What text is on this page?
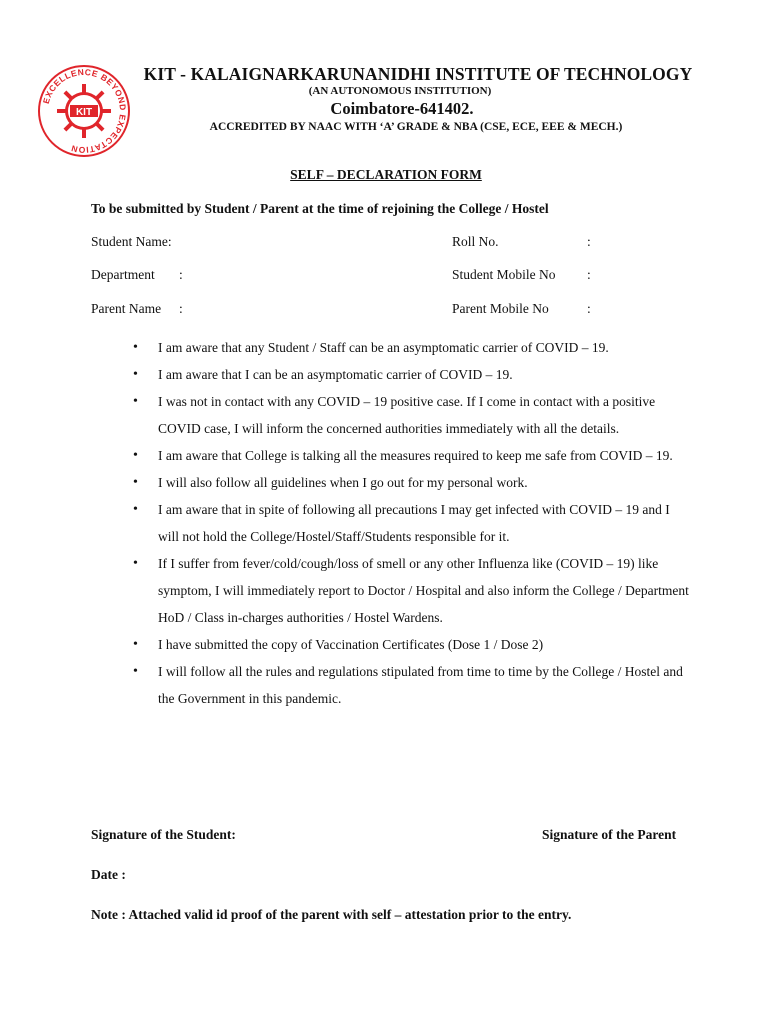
EXCELLENCE BEYOND EXPECTATION
KIT
KIT - KALAIGNARKARUNANIDHI INSTITUTE OF TECHNOLOGY
(AN AUTONOMOUS INSTITUTION)
Coimbatore-641402.
ACCREDITED BY NAAC WITH ‘A’ GRADE & NBA (CSE, ECE, EEE & MECH.)
SELF – DECLARATION FORM
To be submitted by Student / Parent at the time of rejoining the College / Hostel
Student Name:	Roll No.	:
Department :	Student Mobile No :
Parent Name :	Parent Mobile No	:
• I am aware that any Student / Staff can be an asymptomatic carrier of COVID – 19.
• I am aware that I can be an asymptomatic carrier of COVID – 19.
• I was not in contact with any COVID – 19 positive case. If I come in contact with a positive COVID case, I will inform the concerned authorities immediately with all the details.
• I am aware that College is talking all the measures required to keep me safe from COVID – 19.
• I will also follow all guidelines when I go out for my personal work.
• I am aware that in spite of following all precautions I may get infected with COVID – 19 and I will not hold the College/Hostel/Staff/Students responsible for it.
• If I suffer from fever/cold/cough/loss of smell or any other Influenza like (COVID – 19) like symptom, I will immediately report to Doctor / Hospital and also inform the College / Department HoD / Class in-charges authorities / Hostel Wardens.
• I have submitted the copy of Vaccination Certificates (Dose 1 / Dose 2)
• I will follow all the rules and regulations stipulated from time to time by the College / Hostel and the Government in this pandemic.
Signature of the Student:	Signature of the Parent
Date :
Note : Attached valid id proof of the parent with self – attestation prior to the entry.
